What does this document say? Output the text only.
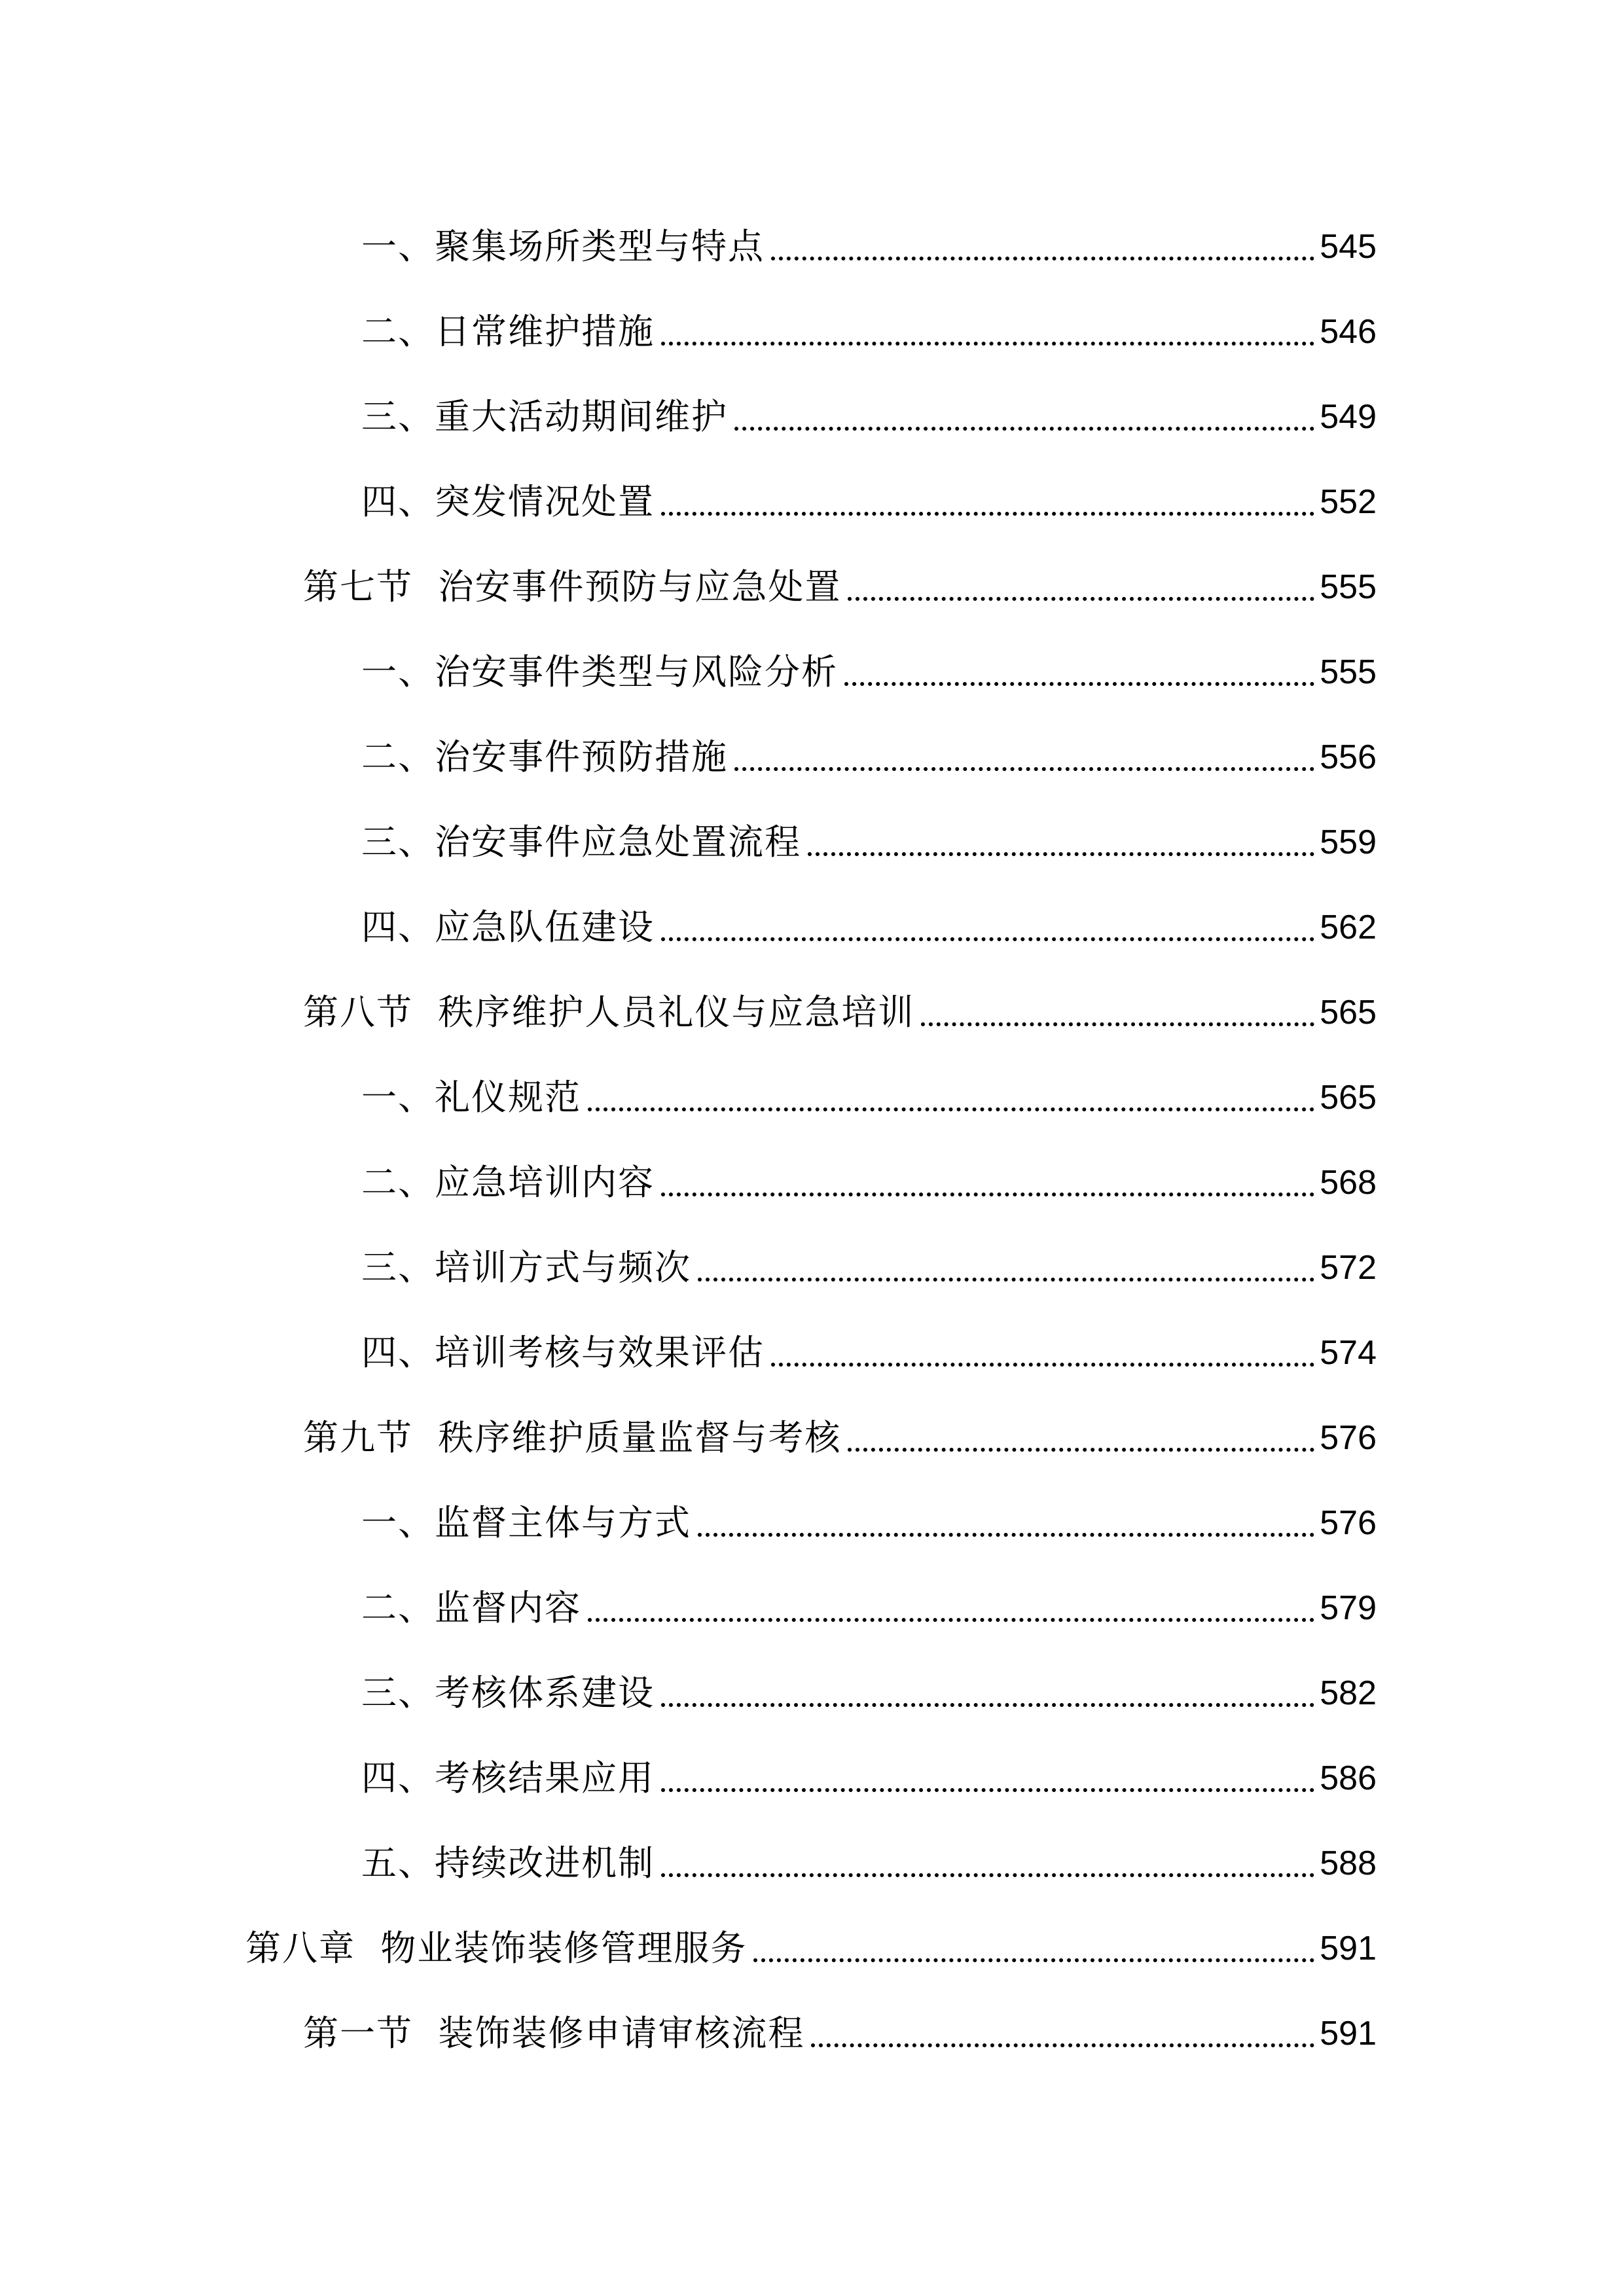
一、聚集场所类型与特点	545
二、日常维护措施	546
三、重大活动期间维护	549
四、突发情况处置	552
第七节  治安事件预防与应急处置	555
一、治安事件类型与风险分析	555
二、治安事件预防措施	556
三、治安事件应急处置流程	559
四、应急队伍建设	562
第八节  秩序维护人员礼仪与应急培训	565
一、礼仪规范	565
二、应急培训内容	568
三、培训方式与频次	572
四、培训考核与效果评估	574
第九节  秩序维护质量监督与考核	576
一、监督主体与方式	576
二、监督内容	579
三、考核体系建设	582
四、考核结果应用	586
五、持续改进机制	588
第八章  物业装饰装修管理服务	591
第一节  装饰装修申请审核流程	591
